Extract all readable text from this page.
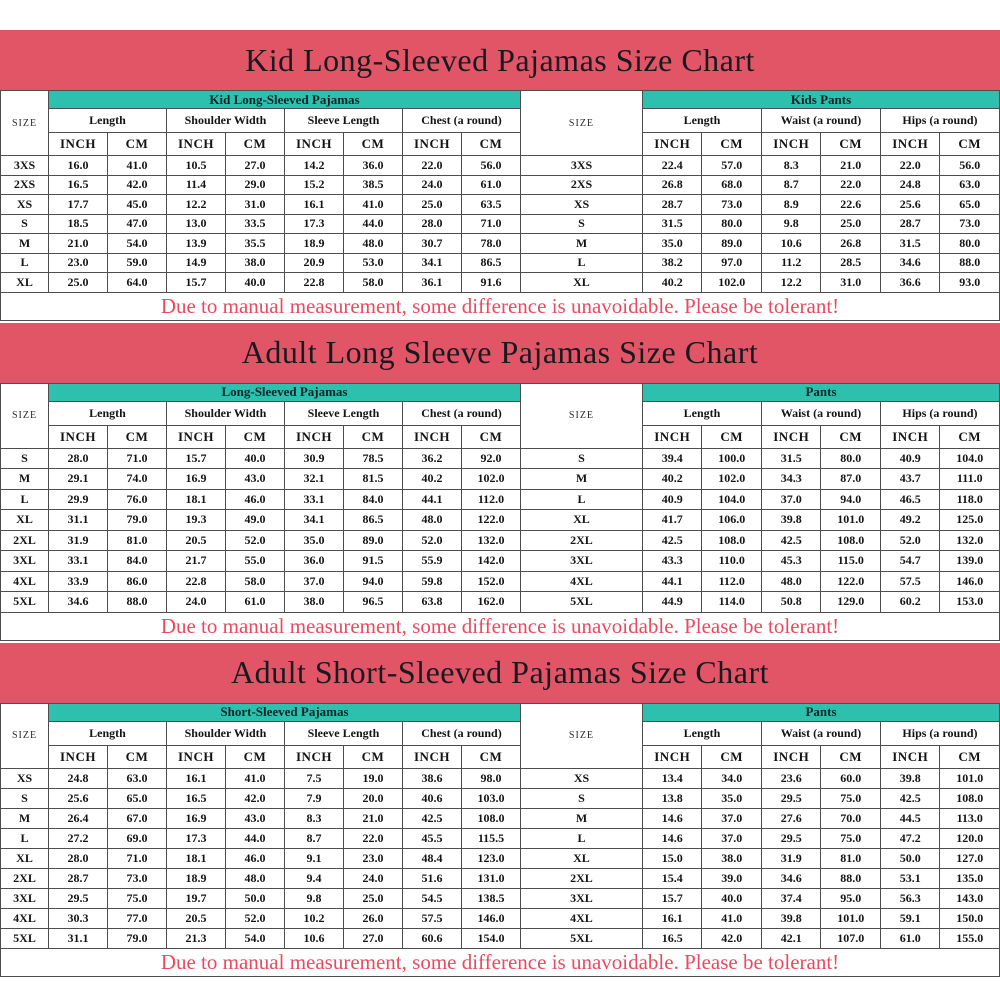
Kid Long-Sleeved Pajamas Size Chart
SIZE	Kid Long-Sleeved Pajamas								SIZE	Kids Pants					
	Length		Shoulder Width		Sleeve Length		Chest (a round)			Length		Waist (a round)		Hips (a round)	
	INCH	CM	INCH	CM	INCH	CM	INCH	CM		INCH	CM	INCH	CM	INCH	CM
3XS	16.0	41.0	10.5	27.0	14.2	36.0	22.0	56.0	3XS	22.4	57.0	8.3	21.0	22.0	56.0
2XS	16.5	42.0	11.4	29.0	15.2	38.5	24.0	61.0	2XS	26.8	68.0	8.7	22.0	24.8	63.0
XS	17.7	45.0	12.2	31.0	16.1	41.0	25.0	63.5	XS	28.7	73.0	8.9	22.6	25.6	65.0
S	18.5	47.0	13.0	33.5	17.3	44.0	28.0	71.0	S	31.5	80.0	9.8	25.0	28.7	73.0
M	21.0	54.0	13.9	35.5	18.9	48.0	30.7	78.0	M	35.0	89.0	10.6	26.8	31.5	80.0
L	23.0	59.0	14.9	38.0	20.9	53.0	34.1	86.5	L	38.2	97.0	11.2	28.5	34.6	88.0
XL	25.0	64.0	15.7	40.0	22.8	58.0	36.1	91.6	XL	40.2	102.0	12.2	31.0	36.6	93.0
Due to manual measurement, some difference is unavoidable. Please be tolerant!
Adult Long Sleeve Pajamas Size Chart
SIZE	Long-Sleeved Pajamas								SIZE	Pants					
	Length		Shoulder Width		Sleeve Length		Chest (a round)			Length		Waist (a round)		Hips (a round)	
	INCH	CM	INCH	CM	INCH	CM	INCH	CM		INCH	CM	INCH	CM	INCH	CM
S	28.0	71.0	15.7	40.0	30.9	78.5	36.2	92.0	S	39.4	100.0	31.5	80.0	40.9	104.0
M	29.1	74.0	16.9	43.0	32.1	81.5	40.2	102.0	M	40.2	102.0	34.3	87.0	43.7	111.0
L	29.9	76.0	18.1	46.0	33.1	84.0	44.1	112.0	L	40.9	104.0	37.0	94.0	46.5	118.0
XL	31.1	79.0	19.3	49.0	34.1	86.5	48.0	122.0	XL	41.7	106.0	39.8	101.0	49.2	125.0
2XL	31.9	81.0	20.5	52.0	35.0	89.0	52.0	132.0	2XL	42.5	108.0	42.5	108.0	52.0	132.0
3XL	33.1	84.0	21.7	55.0	36.0	91.5	55.9	142.0	3XL	43.3	110.0	45.3	115.0	54.7	139.0
4XL	33.9	86.0	22.8	58.0	37.0	94.0	59.8	152.0	4XL	44.1	112.0	48.0	122.0	57.5	146.0
5XL	34.6	88.0	24.0	61.0	38.0	96.5	63.8	162.0	5XL	44.9	114.0	50.8	129.0	60.2	153.0
Due to manual measurement, some difference is unavoidable. Please be tolerant!
Adult Short-Sleeved Pajamas Size Chart
SIZE	Short-Sleeved Pajamas								SIZE	Pants					
	Length		Shoulder Width		Sleeve Length		Chest (a round)			Length		Waist (a round)		Hips (a round)	
	INCH	CM	INCH	CM	INCH	CM	INCH	CM		INCH	CM	INCH	CM	INCH	CM
XS	24.8	63.0	16.1	41.0	7.5	19.0	38.6	98.0	XS	13.4	34.0	23.6	60.0	39.8	101.0
S	25.6	65.0	16.5	42.0	7.9	20.0	40.6	103.0	S	13.8	35.0	29.5	75.0	42.5	108.0
M	26.4	67.0	16.9	43.0	8.3	21.0	42.5	108.0	M	14.6	37.0	27.6	70.0	44.5	113.0
L	27.2	69.0	17.3	44.0	8.7	22.0	45.5	115.5	L	14.6	37.0	29.5	75.0	47.2	120.0
XL	28.0	71.0	18.1	46.0	9.1	23.0	48.4	123.0	XL	15.0	38.0	31.9	81.0	50.0	127.0
2XL	28.7	73.0	18.9	48.0	9.4	24.0	51.6	131.0	2XL	15.4	39.0	34.6	88.0	53.1	135.0
3XL	29.5	75.0	19.7	50.0	9.8	25.0	54.5	138.5	3XL	15.7	40.0	37.4	95.0	56.3	143.0
4XL	30.3	77.0	20.5	52.0	10.2	26.0	57.5	146.0	4XL	16.1	41.0	39.8	101.0	59.1	150.0
5XL	31.1	79.0	21.3	54.0	10.6	27.0	60.6	154.0	5XL	16.5	42.0	42.1	107.0	61.0	155.0
Due to manual measurement, some difference is unavoidable. Please be tolerant!
